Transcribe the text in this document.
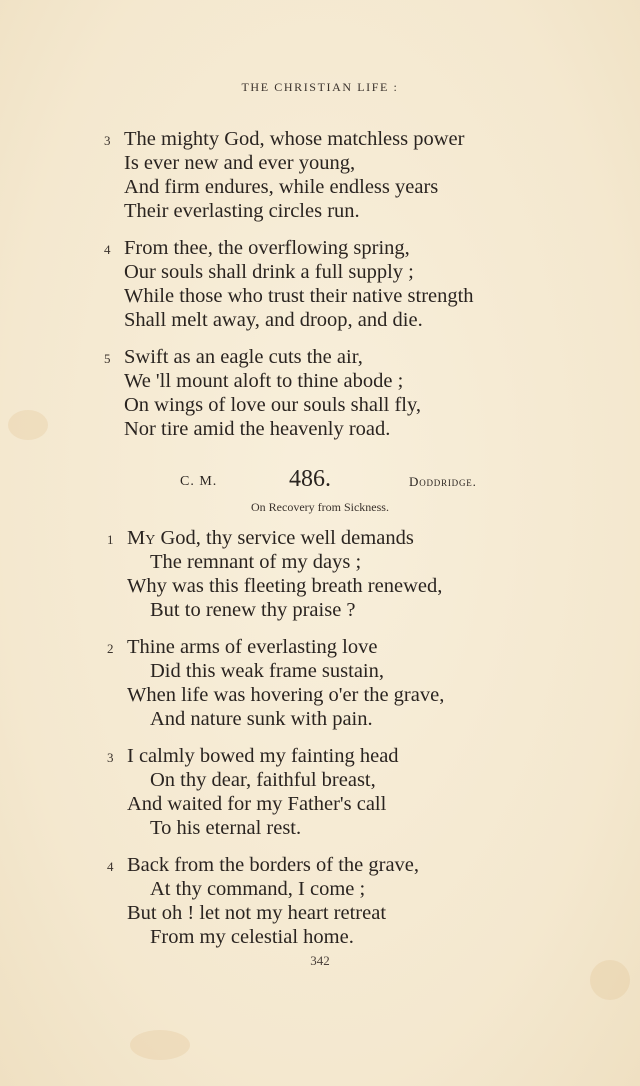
THE CHRISTIAN LIFE :
3 The mighty God, whose matchless power
Is ever new and ever young,
And firm endures, while endless years
Their everlasting circles run.
4 From thee, the overflowing spring,
Our souls shall drink a full supply ;
While those who trust their native strength
Shall melt away, and droop, and die.
5 Swift as an eagle cuts the air,
We 'll mount aloft to thine abode ;
On wings of love our souls shall fly,
Nor tire amid the heavenly road.
C. M.	486.	Doddridge.
On Recovery from Sickness.
1 My God, thy service well demands
The remnant of my days ;
Why was this fleeting breath renewed,
But to renew thy praise ?
2 Thine arms of everlasting love
Did this weak frame sustain,
When life was hovering o'er the grave,
And nature sunk with pain.
3 I calmly bowed my fainting head
On thy dear, faithful breast,
And waited for my Father's call
To his eternal rest.
4 Back from the borders of the grave,
At thy command, I come ;
But oh ! let not my heart retreat
From my celestial home.
342
